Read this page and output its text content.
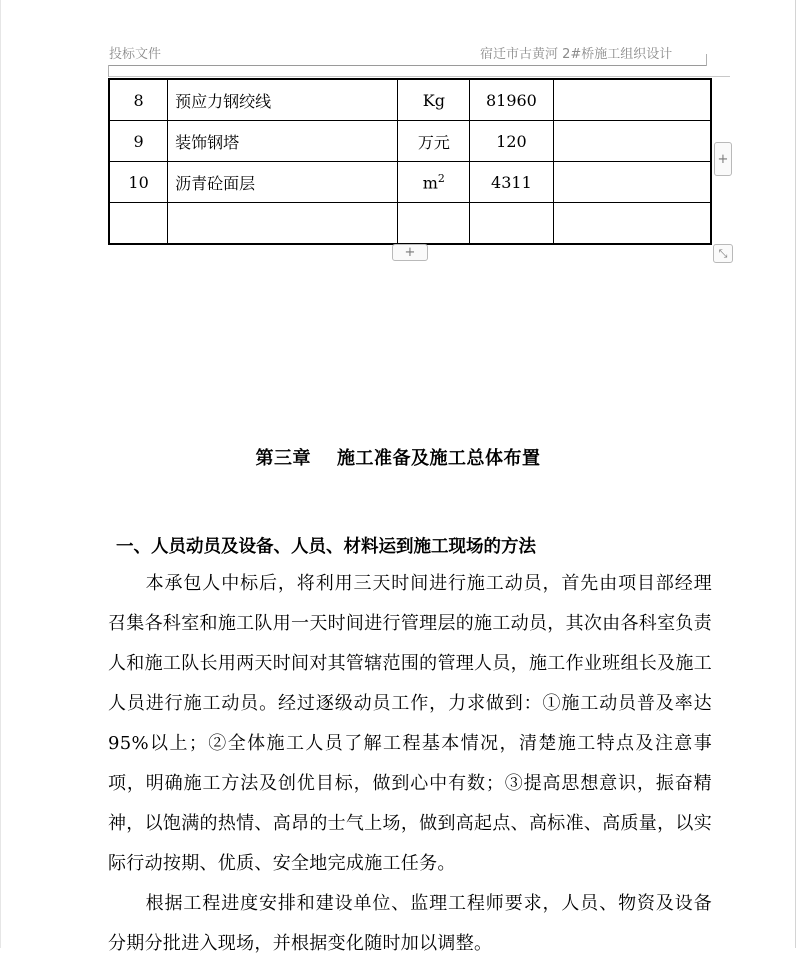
投标文件	宿迁市古黄河 2#桥施工组织设计
8	预应力钢绞线	Kg	81960	
9	装饰钢塔	万元	120	
10	沥青砼面层	$m^2$	4311	

+
+	⤡
第三章 施工准备及施工总体布置
一、人员动员及设备、人员、材料运到施工现场的方法

本承包人中标后，将利用三天时间进行施工动员，首先由项目部经理召集各科室和施工队用一天时间进行管理层的施工动员，其次由各科室负责人和施工队长用两天时间对其管辖范围的管理人员，施工作业班组长及施工人员进行施工动员。经过逐级动员工作，力求做到：①施工动员普及率达 95%以上；②全体施工人员了解工程基本情况，清楚施工特点及注意事项，明确施工方法及创优目标，做到心中有数；③提高思想意识，振奋精神，以饱满的热情、高昂的士气上场，做到高起点、高标准、高质量，以实际行动按期、优质、安全地完成施工任务。

根据工程进度安排和建设单位、监理工程师要求，人员、物资及设备分期分批进入现场，并根据变化随时加以调整。
